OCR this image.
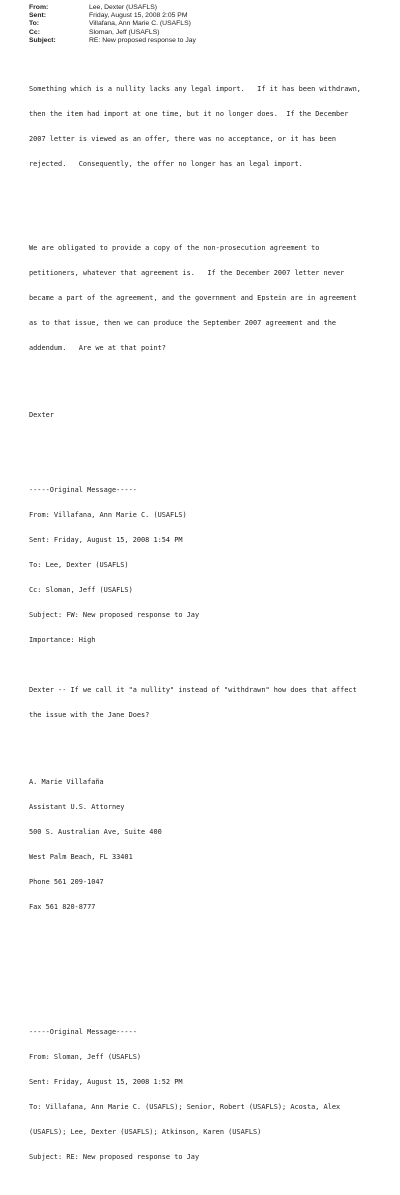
From:	Lee, Dexter (USAFLS)
Sent:	Friday, August 15, 2008 2:05 PM
To:	Villafana, Ann Marie C. (USAFLS)
Cc:	Sloman, Jeff (USAFLS)
Subject:	RE: New proposed response to Jay

Something which is a nullity lacks any legal import.   If it has been withdrawn,

then the item had import at one time, but it no longer does.  If the December

2007 letter is viewed as an offer, there was no acceptance, or it has been

rejected.   Consequently, the offer no longer has an legal import.

We are obligated to provide a copy of the non-prosecution agreement to

petitioners, whatever that agreement is.   If the December 2007 letter never

became a part of the agreement, and the government and Epstein are in agreement

as to that issue, then we can produce the September 2007 agreement and the

addendum.   Are we at that point?

Dexter

-----Original Message-----

From: Villafana, Ann Marie C. (USAFLS)

Sent: Friday, August 15, 2008 1:54 PM

To: Lee, Dexter (USAFLS)

Cc: Sloman, Jeff (USAFLS)

Subject: FW: New proposed response to Jay

Importance: High

Dexter -- If we call it "a nullity" instead of "withdrawn" how does that affect

the issue with the Jane Does?

A. Marie Villafaña

Assistant U.S. Attorney

500 S. Australian Ave, Suite 400

West Palm Beach, FL 33401

Phone 561 209-1047

Fax 561 820-8777

-----Original Message-----

From: Sloman, Jeff (USAFLS)

Sent: Friday, August 15, 2008 1:52 PM

To: Villafana, Ann Marie C. (USAFLS); Senior, Robert (USAFLS); Acosta, Alex

(USAFLS); Lee, Dexter (USAFLS); Atkinson, Karen (USAFLS)

Subject: RE: New proposed response to Jay
